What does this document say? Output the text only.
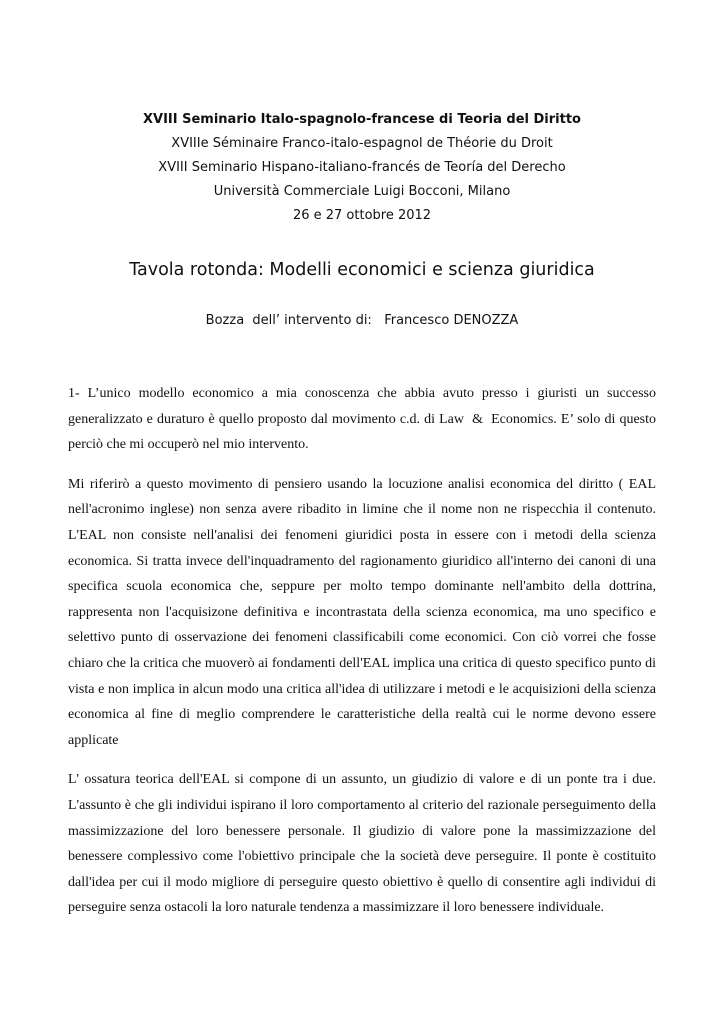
XVIII Seminario Italo-spagnolo-francese di Teoria del Diritto
XVIIIe Séminaire Franco-italo-espagnol de Théorie du Droit
XVIII Seminario Hispano-italiano-francés de Teoría del Derecho
Università Commerciale Luigi Bocconi, Milano
26 e 27 ottobre 2012
Tavola rotonda: Modelli economici e scienza giuridica
Bozza  dell’ intervento di:   Francesco DENOZZA

1- L’unico modello economico a mia conoscenza che abbia avuto presso i giuristi un successo generalizzato e duraturo è quello proposto dal movimento c.d. di Law  &  Economics. E’ solo di questo perciò che mi occuperò nel mio intervento.

Mi riferirò a questo movimento di pensiero usando la locuzione analisi economica del diritto ( EAL nell'acronimo inglese) non senza avere ribadito in limine che il nome non ne rispecchia il contenuto. L'EAL non consiste nell'analisi dei fenomeni giuridici posta in essere con i metodi della scienza economica. Si tratta invece dell'inquadramento del ragionamento giuridico all'interno dei canoni di una specifica scuola economica che, seppure per molto tempo dominante nell'ambito della dottrina, rappresenta non l'acquisizone definitiva e incontrastata della scienza economica, ma uno specifico e selettivo punto di osservazione dei fenomeni classificabili come economici. Con ciò vorrei che fosse chiaro che la critica che muoverò ai fondamenti dell'EAL implica una critica di questo specifico punto di vista e non implica in alcun modo una critica all'idea di utilizzare i metodi e le acquisizioni della scienza economica al fine di meglio comprendere le caratteristiche della realtà cui le norme devono essere applicate

L' ossatura teorica dell'EAL si compone di un assunto, un giudizio di valore e di un ponte tra i due. L'assunto è che gli individui ispirano il loro comportamento al criterio del razionale perseguimento della massimizzazione del loro benessere personale. Il giudizio di valore pone la massimizzazione del benessere complessivo come l'obiettivo principale che la società deve perseguire. Il ponte è costituito dall'idea per cui il modo migliore di perseguire questo obiettivo è quello di consentire agli individui di perseguire senza ostacoli la loro naturale tendenza a massimizzare il loro benessere individuale.
